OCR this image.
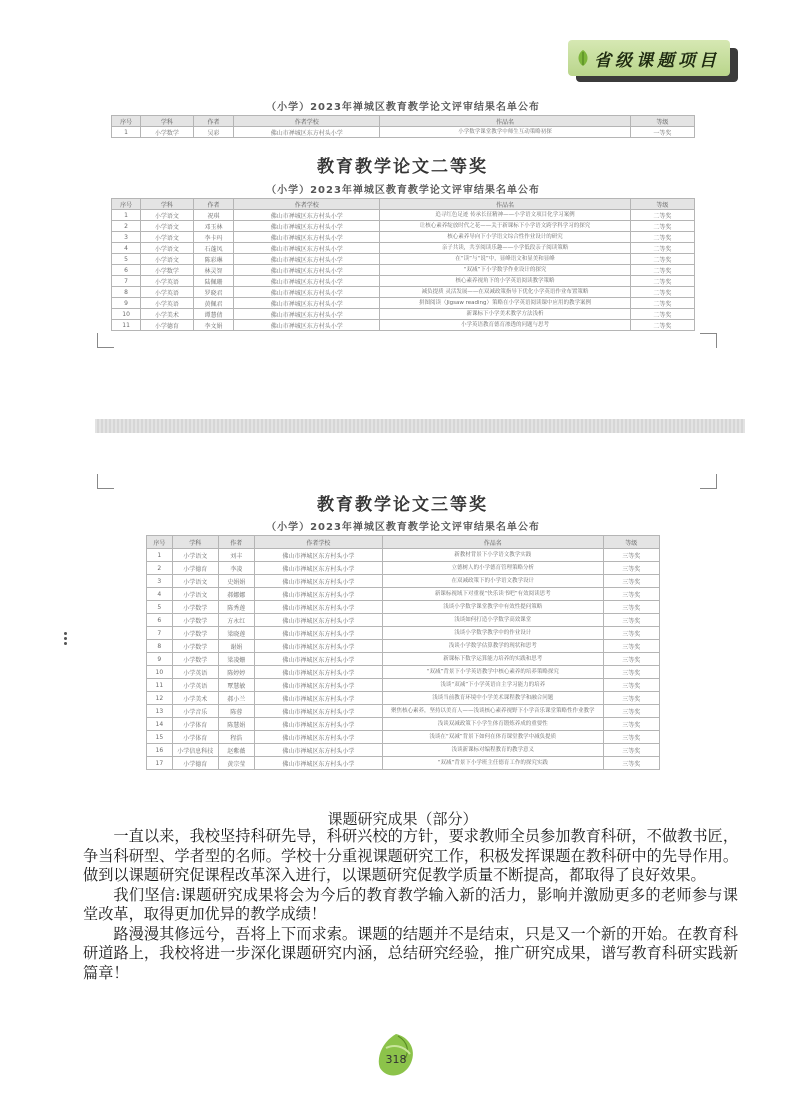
省级课题项目
（小学）2023年禅城区教育教学论文评审结果名单公布
序号	学科	作者	作者学校	作品名	等级
1	小学数学	吴彩	佛山市禅城区东方村头小学	小学数学课堂教学中师生互动策略初探	一等奖
教育教学论文二等奖
（小学）2023年禅城区教育教学论文评审结果名单公布
序号	学科	作者	作者学校	作品名	等级
1	小学语文	祝琪	佛山市禅城区东方村头小学	追寻红色足迹 传承长征精神——小学语文项目化学习案例	二等奖
2	小学语文	邓玉林	佛山市禅城区东方村头小学	让核心素养绽放时代之花——关于新课标下小学语文跨学科学习的探究	二等奖
3	小学语文	李卡玛	佛山市禅城区东方村头小学	核心素养导向下小学语文综合性作业设计的研究	二等奖
4	小学语文	石蓬凤	佛山市禅城区东方村头小学	亲子共读，共享阅读乐趣——小学低段亲子阅读策略	二等奖
5	小学语文	陈彩琳	佛山市禅城区东方村头小学	在“读”与“说”中，显峰语文和显美和显峰	二等奖
6	小学数学	林灵智	佛山市禅城区东方村头小学	“双减”下小学数学作业设计的探究	二等奖
7	小学英语	陆佩珊	佛山市禅城区东方村头小学	核心素养视角下的小学英语阅读教学策略	二等奖
8	小学英语	罗晓君	佛山市禅城区东方村头小学	减负提质 灵活发展——在双减政策指导下优化小学英语作业布置策略	二等奖
9	小学英语	黄佩君	佛山市禅城区东方村头小学	拼图阅读（Jigsaw reading）策略在小学英语阅读课中应用的教学案例	二等奖
10	小学美术	谭慧倩	佛山市禅城区东方村头小学	新课标下小学美术教学方法浅析	二等奖
11	小学德育	李文娟	佛山市禅城区东方村头小学	小学英语教育德育渗透的问题与思考	二等奖
教育教学论文三等奖
（小学）2023年禅城区教育教学论文评审结果名单公布
序号	学科	作者	作者学校	作品名	等级
1	小学语文	刘丰	佛山市禅城区东方村头小学	新教材背景下小学语文教学实践	三等奖
2	小学德育	李凌	佛山市禅城区东方村头小学	立德树人的小学德育管理策略分析	三等奖
3	小学语文	史娟娟	佛山市禅城区东方村头小学	在双减政策下的小学语文教学设计	三等奖
4	小学语文	郝娜娜	佛山市禅城区东方村头小学	新课标视域下对重视“快乐读书吧”有效阅读思考	三等奖
5	小学数学	陈秀莲	佛山市禅城区东方村头小学	浅谈小学数学课堂教学中有效性提问策略	三等奖
6	小学数学	方永红	佛山市禅城区东方村头小学	浅谈如何打造小学数学高效课堂	三等奖
7	小学数学	梁晓莲	佛山市禅城区东方村头小学	浅谈小学数学教学中的作业设计	三等奖
8	小学数学	谢娟	佛山市禅城区东方村头小学	浅谈小学数学估算教学的现状和思考	三等奖
9	小学数学	梁凌姗	佛山市禅城区东方村头小学	新课标下数学运算能力培养的实践和思考	三等奖
10	小学英语	陈婷婷	佛山市禅城区东方村头小学	“双减”背景下小学英语教学中核心素养的培养策略探究	三等奖
11	小学英语	覃慧敏	佛山市禅城区东方村头小学	浅谈“双减”下小学英语自主学习能力的培养	三等奖
12	小学美术	郝小兰	佛山市禅城区东方村头小学	浅谈当前教育环境中小学美术课程教学和融合问题	三等奖
13	小学音乐	陈蓉	佛山市禅城区东方村头小学	聚焦核心素养，坚持以美育人——浅谈核心素养视野下小学音乐课堂策略性作业教学	三等奖
14	小学体育	陈慧娟	佛山市禅城区东方村头小学	浅谈双减政策下小学生体育锻炼养成的重要性	三等奖
15	小学体育	程浩	佛山市禅城区东方村头小学	浅谈在“双减”背景下如何在体育课堂教学中减负提质	三等奖
16	小学信息科技	赵紫薇	佛山市禅城区东方村头小学	浅谈新课标对编程教育的教学意义	三等奖
17	小学德育	黄宗莹	佛山市禅城区东方村头小学	“双减”背景下小学班主任德育工作的探究实践	三等奖
课题研究成果（部分）

一直以来，我校坚持科研先导，科研兴校的方针，要求教师全员参加教育科研，不做教书匠，争当科研型、学者型的名师。学校十分重视课题研究工作，积极发挥课题在教科研中的先导作用。做到以课题研究促课程改革深入进行，以课题研究促教学质量不断提高，都取得了良好效果。

我们坚信:课题研究成果将会为今后的教育教学输入新的活力，影响并激励更多的老师参与课堂改革，取得更加优异的教学成绩！

路漫漫其修远兮，吾将上下而求索。课题的结题并不是结束，只是又一个新的开始。在教育科研道路上，我校将进一步深化课题研究内涵，总结研究经验，推广研究成果，谱写教育科研实践新篇章！

318
